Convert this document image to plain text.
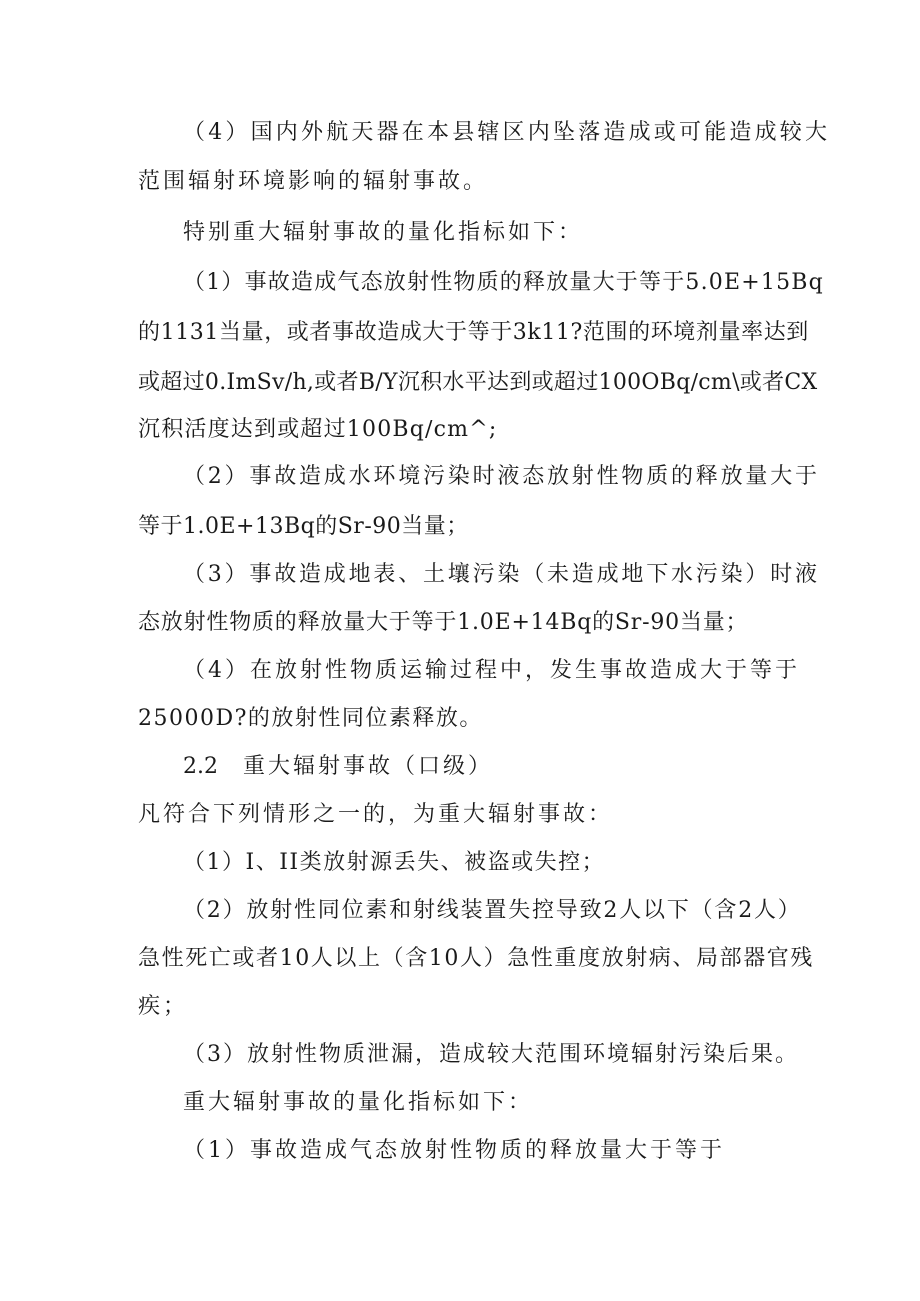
（4）国内外航天器在本县辖区内坠落造成或可能造成较大
范围辐射环境影响的辐射事故。
特别重大辐射事故的量化指标如下：
（1）事故造成气态放射性物质的释放量大于等于5.0E+15Bq
的1131当量，或者事故造成大于等于3k11?范围的环境剂量率达到
或超过0.ImSv/h,或者B/Y沉积水平达到或超过100OBq∕cm\或者CX
沉积活度达到或超过100Bq∕cm^;
（2）事故造成水环境污染时液态放射性物质的释放量大于
等于1.0E+13Bq的Sr-90当量；
（3）事故造成地表、土壤污染（未造成地下水污染）时液
态放射性物质的释放量大于等于1.0E+14Bq的Sr-90当量；
（4）在放射性物质运输过程中，发生事故造成大于等于
25000D?的放射性同位素释放。
2.2 重大辐射事故（口级）
凡符合下列情形之一的，为重大辐射事故：
（1）I、II类放射源丢失、被盗或失控；
（2）放射性同位素和射线装置失控导致2人以下（含2人）
急性死亡或者10人以上（含10人）急性重度放射病、局部器官残
疾；
（3）放射性物质泄漏，造成较大范围环境辐射污染后果。
重大辐射事故的量化指标如下：
（1）事故造成气态放射性物质的释放量大于等于
